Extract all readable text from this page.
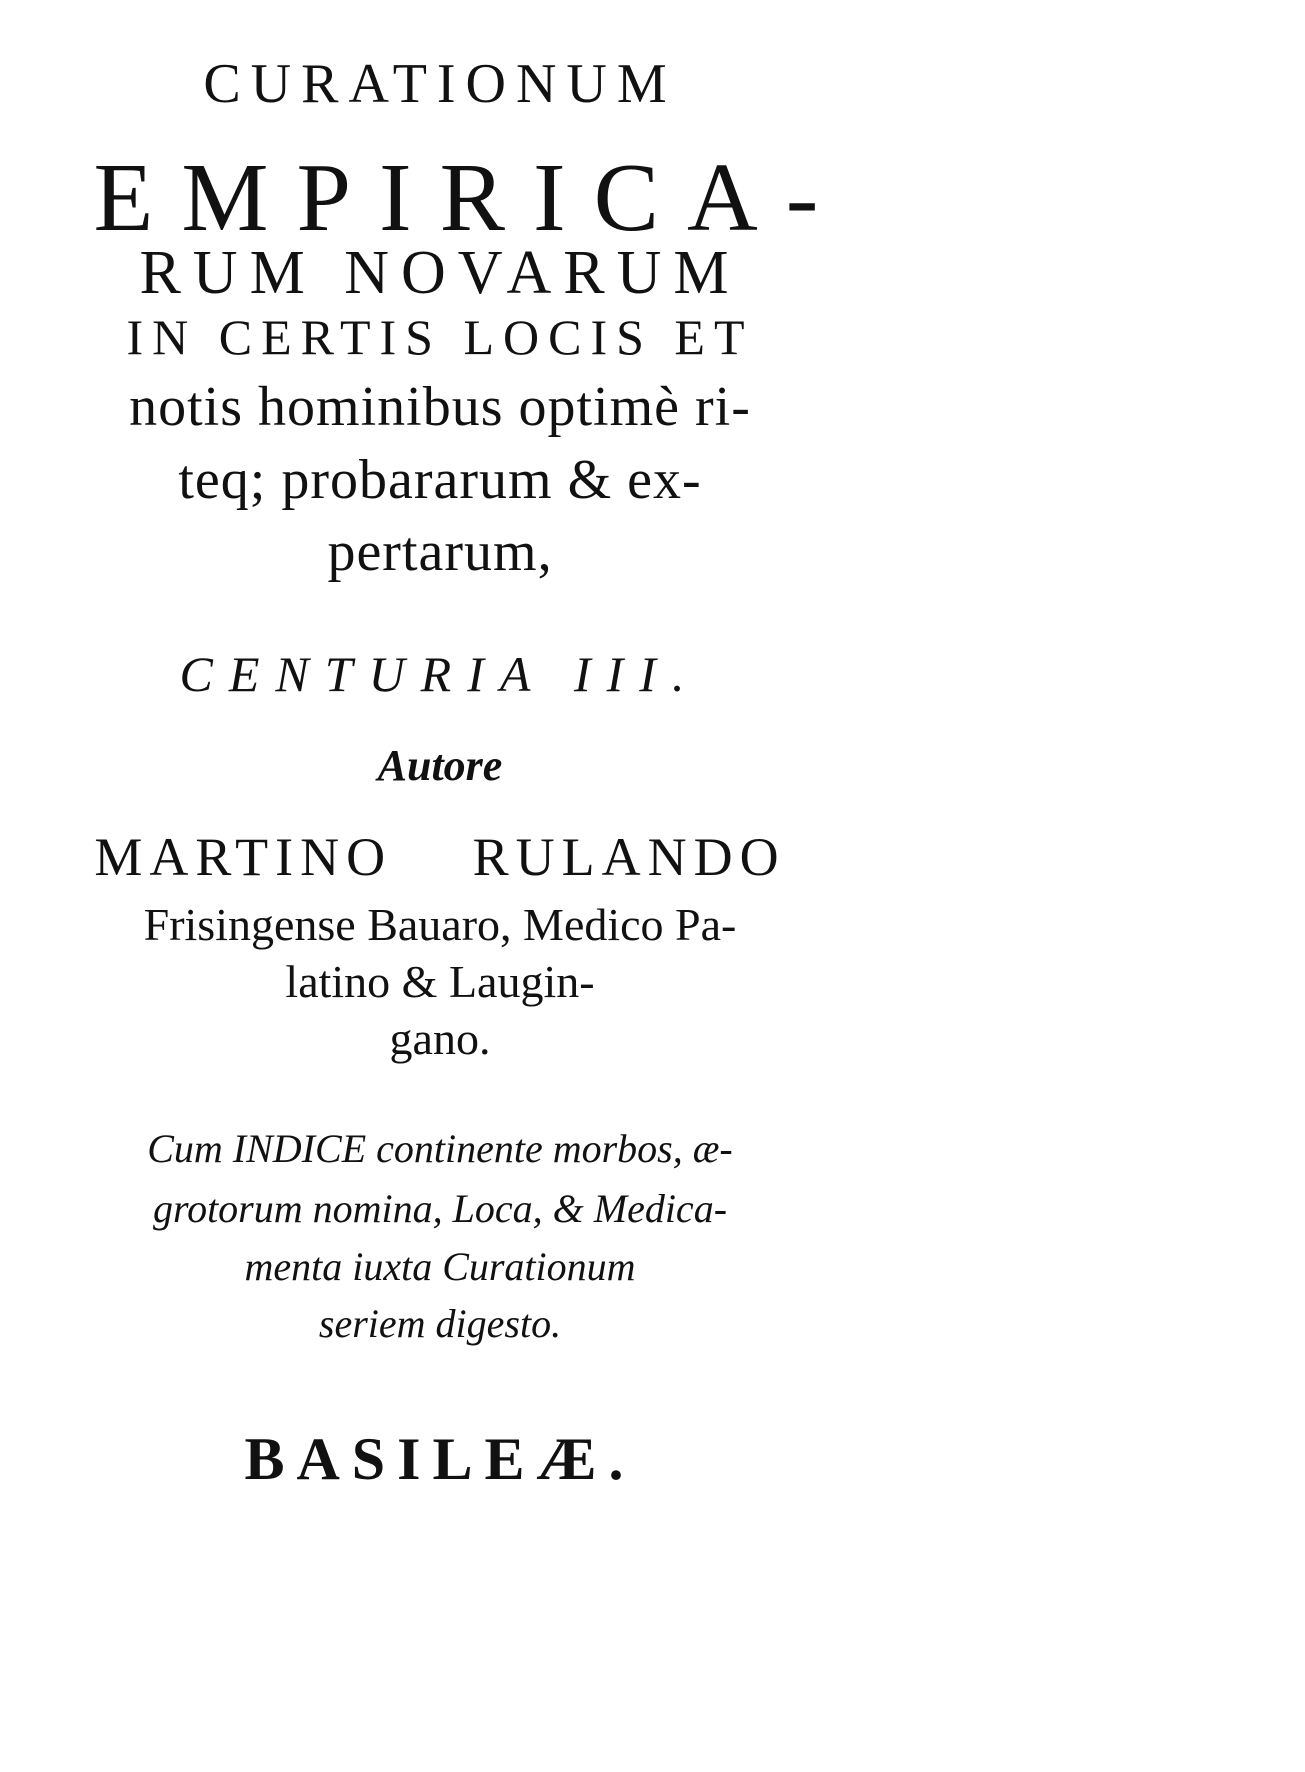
CURATIONUM
EMPIRICA-
RUM NOVARUM
IN CERTIS LOCIS ET
notis hominibus optimè ri-
teq; probararum & ex-
pertarum,
CENTURIA III.
Autore
MARTINO RULANDO
Frisingense Bauaro, Medico Pa-
latino & Laugin-
gano.
Cum INDICE continente morbos, æ-
grotorum nomina, Loca, & Medica-
menta iuxta Curationum
seriem digesto.
BASILEÆ.
